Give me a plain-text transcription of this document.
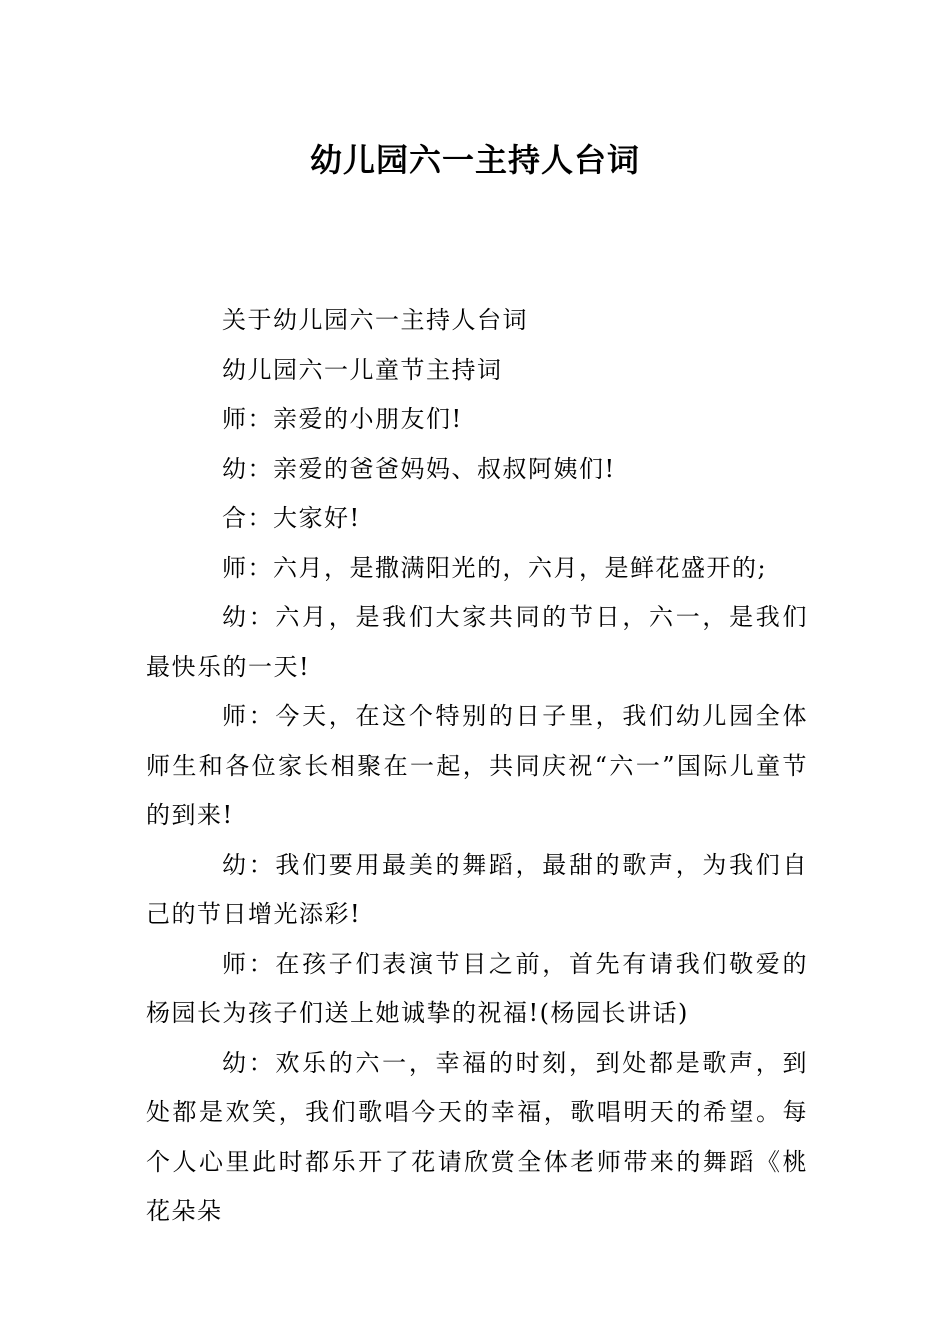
幼儿园六一主持人台词

关于幼儿园六一主持人台词

幼儿园六一儿童节主持词

师：亲爱的小朋友们!

幼：亲爱的爸爸妈妈、叔叔阿姨们!

合：大家好!

师：六月，是撒满阳光的，六月，是鲜花盛开的;

幼：六月，是我们大家共同的节日，六一，是我们最快乐的一天!

师：今天，在这个特别的日子里，我们幼儿园全体师生和各位家长相聚在一起，共同庆祝“六一”国际儿童节的到来!

幼：我们要用最美的舞蹈，最甜的歌声，为我们自己的节日增光添彩!

师：在孩子们表演节目之前，首先有请我们敬爱的杨园长为孩子们送上她诚挚的祝福!(杨园长讲话)

幼：欢乐的六一，幸福的时刻，到处都是歌声，到处都是欢笑，我们歌唱今天的幸福，歌唱明天的希望。每个人心里此时都乐开了花请欣赏全体老师带来的舞蹈《桃花朵朵
